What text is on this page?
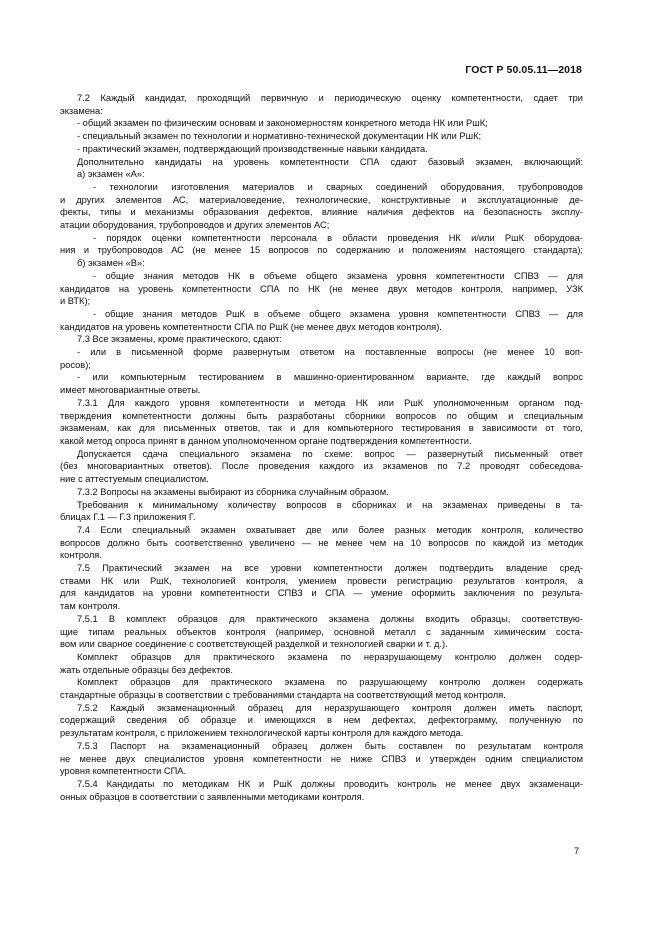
ГОСТ Р 50.05.11—2018
7.2 Каждый кандидат, проходящий первичную и периодическую оценку компетентности, сдает три
экзамена:
- общий экзамен по физическим основам и закономерностям конкретного метода НК или РшК;
- специальный экзамен по технологии и нормативно-технической документации НК или РшК;
- практический экзамен, подтверждающий производственные навыки кандидата.
Дополнительно кандидаты на уровень компетентности СПА сдают базовый экзамен, включающий:
а) экзамен «А»:
- технологии изготовления материалов и сварных соединений оборудования, трубопроводов
и других элементов АС, материаловедение, технологические, конструктивные и эксплуатационные де-
фекты, типы и механизмы образования дефектов, влияние наличия дефектов на безопасность эксплу-
атации оборудования, трубопроводов и других элементов АС;
- порядок оценки компетентности персонала в области проведения НК и/или РшК оборудова-
ния и трубопроводов АС (не менее 15 вопросов по содержанию и положениям настоящего стандарта);
б) экзамен «В»:
- общие знания методов НК в объеме общего экзамена уровня компетентности СПВЗ — для
кандидатов на уровень компетентности СПА по НК (не менее двух методов контроля, например, УЗК
и ВТК);
- общие знания методов РшК в объеме общего экзамена уровня компетентности СПВЗ — для
кандидатов на уровень компетентности СПА по РшК (не менее двух методов контроля).
7.3 Все экзамены, кроме практического, сдают:
- или в письменной форме развернутым ответом на поставленные вопросы (не менее 10 воп-
росов);
- или компьютерным тестированием в машинно-ориентированном варианте, где каждый вопрос
имеет многовариантные ответы.
7.3.1 Для каждого уровня компетентности и метода НК или РшК уполномоченным органом под-
тверждения компетентности должны быть разработаны сборники вопросов по общим и специальным
экзаменам, как для письменных ответов, так и для компьютерного тестирования в зависимости от того,
какой метод опроса принят в данном уполномоченном органе подтверждения компетентности.
Допускается сдача специального экзамена по схеме: вопрос — развернутый письменный ответ
(без многовариантных ответов). После проведения каждого из экзаменов по 7.2 проводят собеседова-
ние с аттестуемым специалистом.
7.3.2 Вопросы на экзамены выбирают из сборника случайным образом.
Требования к минимальному количеству вопросов в сборниках и на экзаменах приведены в та-
блицах Г.1 — Г.3 приложения Г.
7.4 Если специальный экзамен охватывает две или более разных методик контроля, количество
вопросов должно быть соответственно увеличено — не менее чем на 10 вопросов по каждой из методик
контроля.
7.5 Практический экзамен на все уровни компетентности должен подтвердить владение сред-
ствами НК или РшК, технологией контроля, умением провести регистрацию результатов контроля, а
для кандидатов на уровни компетентности СПВЗ и СПА — умение оформить заключения по результа-
там контроля.
7.5.1 В комплект образцов для практического экзамена должны входить образцы, соответствую-
щие типам реальных объектов контроля (например, основной металл с заданным химическим соста-
вом или сварное соединение с соответствующей разделкой и технологией сварки и т. д.).
Комплект образцов для практического экзамена по неразрушающему контролю должен содер-
жать отдельные образцы без дефектов.
Комплект образцов для практического экзамена по разрушающему контролю должен содержать
стандартные образцы в соответствии с требованиями стандарта на соответствующий метод контроля.
7.5.2 Каждый экзаменационный образец для неразрушающего контроля должен иметь паспорт,
содержащий сведения об образце и имеющихся в нем дефектах, дефектограмму, полученную по
результатам контроля, с приложением технологической карты контроля для каждого метода.
7.5.3 Паспорт на экзаменационный образец должен быть составлен по результатам контроля
не менее двух специалистов уровня компетентности не ниже СПВЗ и утвержден одним специалистом
уровня компетентности СПА.
7.5.4 Кандидаты по методикам НК и РшК должны проводить контроль не менее двух экзаменаци-
онных образцов в соответствии с заявленными методиками контроля.
7
